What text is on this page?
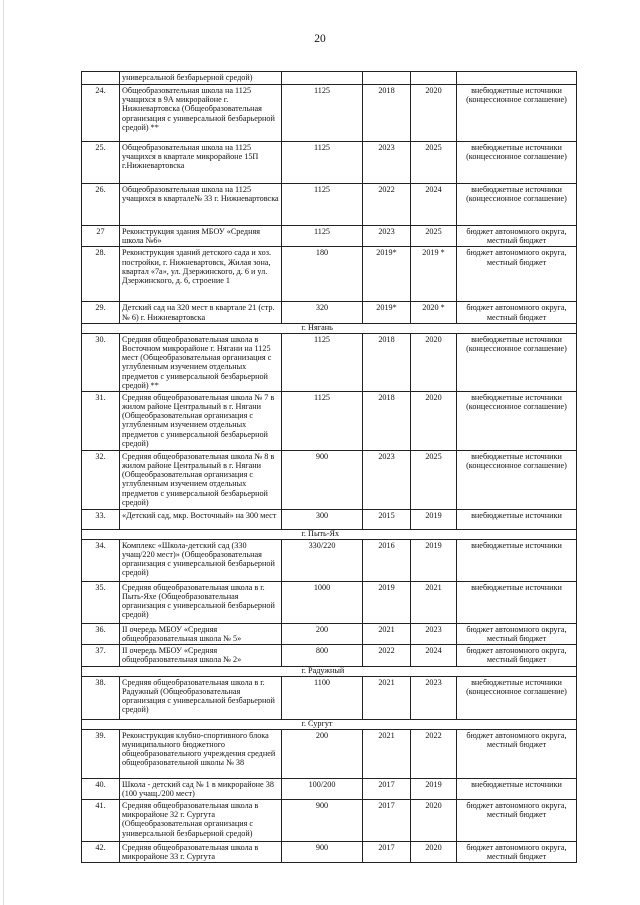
20
	универсальной безбарьерной средой)				
24.	Общеобразовательная школа на 1125 учащихся в 9А микрорайоне г. Нижневартовска (Общеобразовательная организация с универсальной безбарьерной средой) **	1125	2018	2020	внебюджетные источники (концессионное соглашение)
25.	Общеобразовательная школа на 1125 учащихся в квартале микрорайоне 15П г.Нижневартовска	1125	2023	2025	внебюджетные источники (концессионное соглашение)
26.	Общеобразовательная школа на 1125 учащихся в квартале№ 33 г. Нижневартовска	1125	2022	2024	внебюджетные источники (концессионное соглашение)
27	Реконструкция здания МБОУ «Средняя школа №6»	1125	2023	2025	бюджет автономного округа, местный бюджет
28.	Реконструкция зданий детского сада и хоз. постройки, г. Нижневартовск, Жилая зона, квартал «7а», ул. Дзержинского, д. 6 и ул. Дзержинского, д. 6, строение 1	180	2019*	2019 *	бюджет автономного округа, местный бюджет
29.	Детский сад на 320 мест в квартале 21 (стр. № 6) г. Нижневартовска	320	2019*	2020 *	бюджет автономного округа, местный бюджет
		г. Нягань			
30.	Средняя общеобразовательная школа в Восточном микрорайоне г. Нягани на 1125 мест (Общеобразовательная организация с углубленным изучением отдельных предметов с универсальной безбарьерной средой) **	1125	2018	2020	внебюджетные источники (концессионное соглашение)
31.	Средняя общеобразовательная школа № 7 в жилом районе Центральный в г. Нягани (Общеобразовательная организация с углубленным изучением отдельных предметов с универсальной безбарьерной средой)	1125	2018	2020	внебюджетные источники (концессионное соглашение)
32.	Средняя общеобразовательная школа № 8 в жилом районе Центральный в г. Нягани (Общеобразовательная организация с углубленным изучением отдельных предметов с универсальной безбарьерной средой)	900	2023	2025	внебюджетные источники (концессионное соглашение)
33.	«Детский сад, мкр. Восточный» на 300 мест	300	2015	2019	внебюджетные источники
		г. Пыть-Ях			
34.	Комплекс «Школа-детский сад (330 учащ/220 мест)» (Общеобразовательная организация с универсальной безбарьерной средой)	330/220	2016	2019	внебюджетные источники
35.	Средняя общеобразовательная школа в г. Пыть-Яхе (Общеобразовательная организация с универсальной безбарьерной средой)	1000	2019	2021	внебюджетные источники
36.	II очередь МБОУ «Средняя общеобразовательная школа № 5»	200	2021	2023	бюджет автономного округа, местный бюджет
37.	II очередь МБОУ «Средняя общеобразовательная школа № 2»	800	2022	2024	бюджет автономного округа, местный бюджет
		г. Радужный			
38.	Средняя общеобразовательная школа в г. Радужный (Общеобразовательная организация с универсальной безбарьерной средой)	1100	2021	2023	внебюджетные источники (концессионное соглашение)
		г. Сургут			
39.	Реконструкция клубно-спортивного блока муниципального бюджетного общеобразовательного учреждения средней общеобразовательной школы № 38	200	2021	2022	бюджет автономного округа, местный бюджет
40.	Школа - детский сад № 1 в микрорайоне 38 (100 учащ./200 мест)	100/200	2017	2019	внебюджетные источники
41.	Средняя общеобразовательная школа в микрорайоне 32 г. Сургута (Общеобразовательная организация с универсальной безбарьерной средой)	900	2017	2020	бюджет автономного округа, местный бюджет
42.	Средняя общеобразовательная школа в микрорайоне 33 г. Сургута	900	2017	2020	бюджет автономного округа, местный бюджет
